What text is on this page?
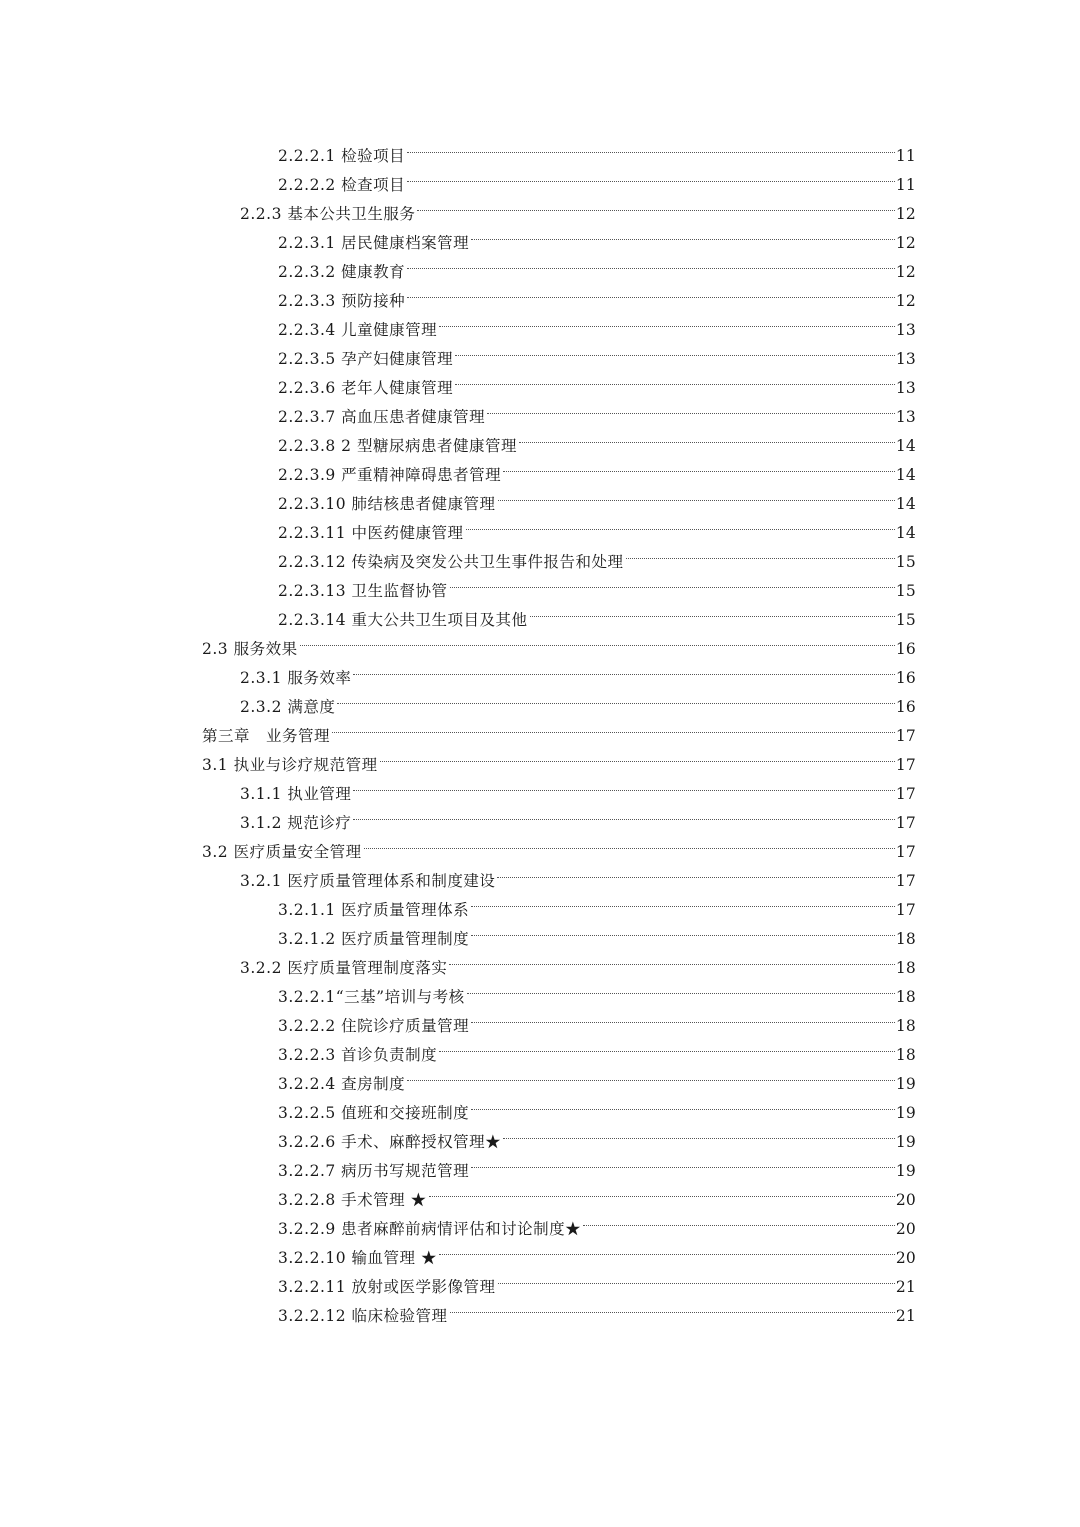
2.2.2.1 检验项目	11
2.2.2.2 检查项目	11
2.2.3 基本公共卫生服务	12
2.2.3.1 居民健康档案管理	12
2.2.3.2 健康教育	12
2.2.3.3 预防接种	12
2.2.3.4 儿童健康管理	13
2.2.3.5 孕产妇健康管理	13
2.2.3.6 老年人健康管理	13
2.2.3.7 高血压患者健康管理	13
2.2.3.8 2 型糖尿病患者健康管理	14
2.2.3.9 严重精神障碍患者管理	14
2.2.3.10 肺结核患者健康管理	14
2.2.3.11 中医药健康管理	14
2.2.3.12 传染病及突发公共卫生事件报告和处理	15
2.2.3.13 卫生监督协管	15
2.2.3.14 重大公共卫生项目及其他	15
2.3 服务效果	16
2.3.1 服务效率	16
2.3.2 满意度	16
第三章　业务管理	17
3.1 执业与诊疗规范管理	17
3.1.1 执业管理	17
3.1.2 规范诊疗	17
3.2 医疗质量安全管理	17
3.2.1 医疗质量管理体系和制度建设	17
3.2.1.1 医疗质量管理体系	17
3.2.1.2 医疗质量管理制度	18
3.2.2 医疗质量管理制度落实	18
3.2.2.1“三基”培训与考核	18
3.2.2.2 住院诊疗质量管理	18
3.2.2.3 首诊负责制度	18
3.2.2.4 查房制度	19
3.2.2.5 值班和交接班制度	19
3.2.2.6 手术、麻醉授权管理★	19
3.2.2.7 病历书写规范管理	19
3.2.2.8 手术管理 ★	20
3.2.2.9 患者麻醉前病情评估和讨论制度★	20
3.2.2.10 输血管理 ★	20
3.2.2.11 放射或医学影像管理	21
3.2.2.12 临床检验管理	21
